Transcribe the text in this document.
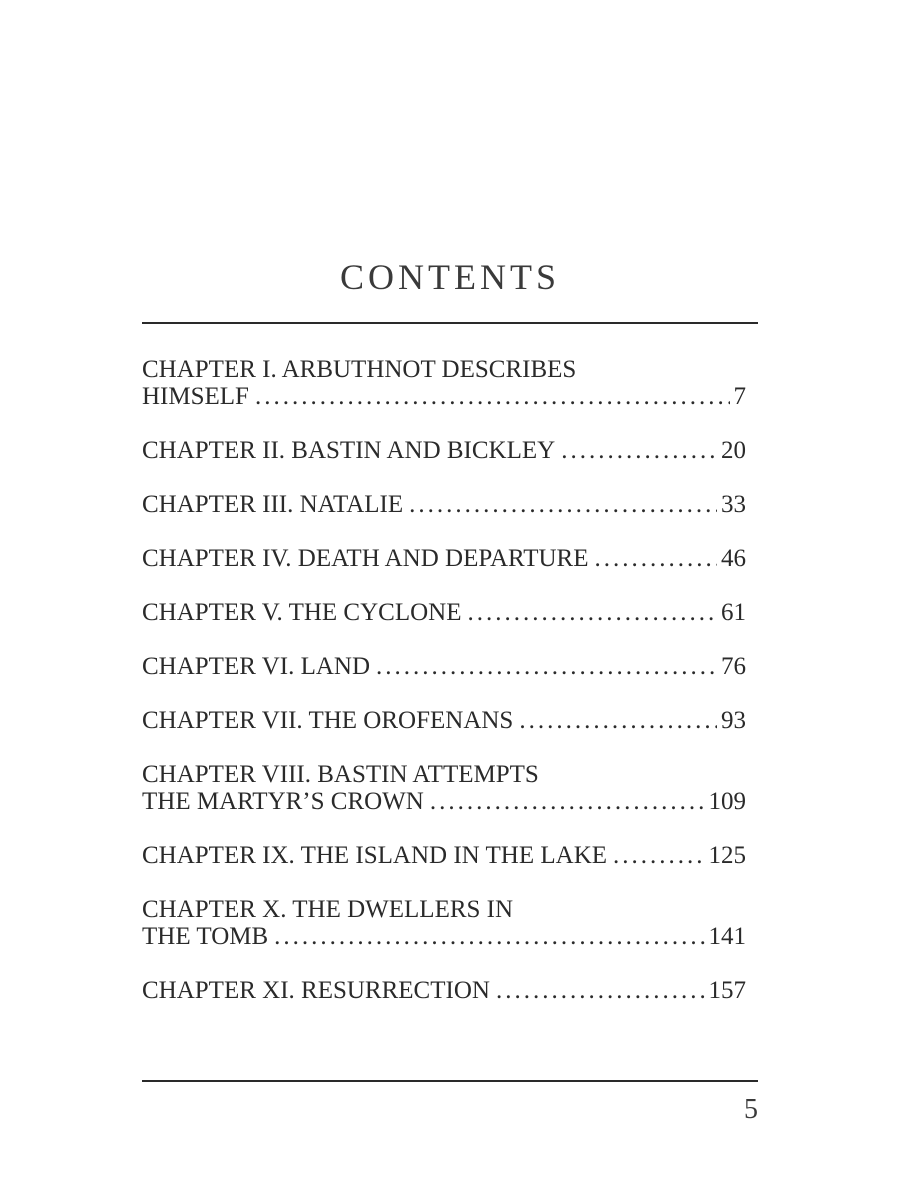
CONTENTS
CHAPTER I. ARBUTHNOT DESCRIBES
HIMSELF .....	7
CHAPTER II. BASTIN AND BICKLEY .....	20
CHAPTER III. NATALIE .....	33
CHAPTER IV. DEATH AND DEPARTURE .....	46
CHAPTER V. THE CYCLONE .....	61
CHAPTER VI. LAND .....	76
CHAPTER VII. THE OROFENANS .....	93
CHAPTER VIII. BASTIN ATTEMPTS
THE MARTYR’S CROWN .....	109
CHAPTER IX. THE ISLAND IN THE LAKE .....	125
CHAPTER X. THE DWELLERS IN
THE TOMB .....	141
CHAPTER XI. RESURRECTION .....	157
5
